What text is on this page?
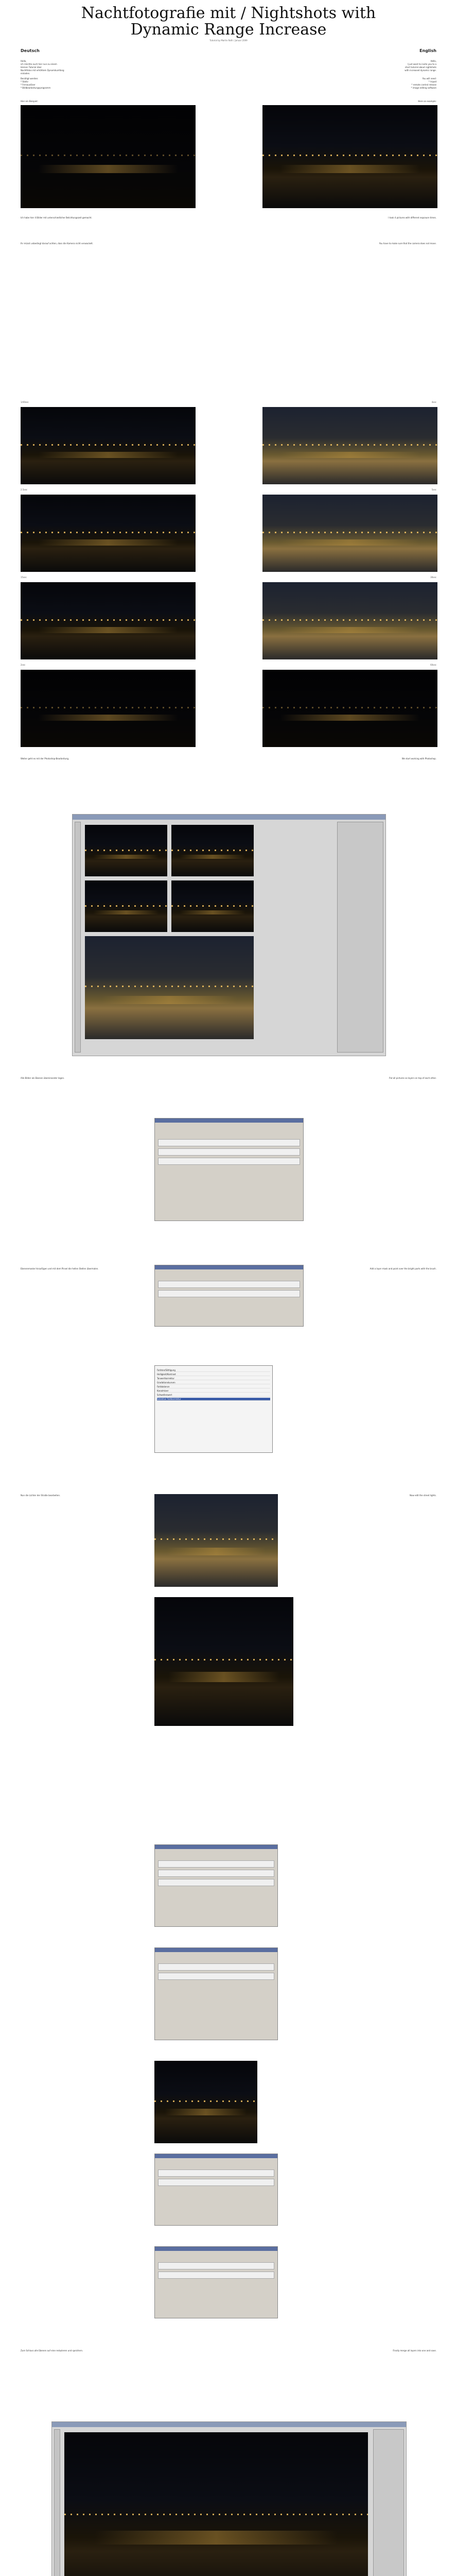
Nachtfotografie mit / Nightshots with
Dynamic Range Increase
Tutorial by Martin Roth / Januar 2009
Deutsch	English
Hallo,
ich möchte euch hier nun zu einem
kleinen Tutorial über
Nachtfotos mit erhöhtem Dynamikumfang
einladen.
Hello,
I just want to invite you to a
short tutorial about nightshots
with increased dynamic range.
Benötigt werden:
* Stativ
* Fernauslöser
* Bildbearbeitungsprogramm
You will need:
* tripod
* remote control release
* image editing software
Hier ein Beispiel:	Here an example:
Ich habe hier 4 Bilder mit unterschiedlicher Belichtungszeit gemacht.	I took 4 pictures with different exposure times.
Ihr müsst unbedingt darauf achten, dass die Kamera nicht verwackelt.	You have to make sure that the camera does not move.
1/40sec	4sec
2.5sec	5sec
15sec	30sec
2sec	60sec
Weiter geht es mit der Photoshop-Bearbeitung.	We start working with Photoshop.
Alle Bilder als Ebenen übereinander legen.	Put all pictures as layers on top of each other.
Ebenenmaske hinzufügen und mit dem Pinsel die hellen Stellen übermalen.	Add a layer mask and paint over the bright parts with the brush.
Farbton/Sättigung
Helligkeit/Kontrast
Tonwertkorrektur
Gradationskurven
Farbbalance
Kanalmixer
Schwellenwert
Selektive Farbkorrektur
Nun die Lichter der Straße bearbeiten.	Now edit the street lights.
Zum Schluss alle Ebenen auf eine reduzieren und speichern.	Finally merge all layers into one and save.
